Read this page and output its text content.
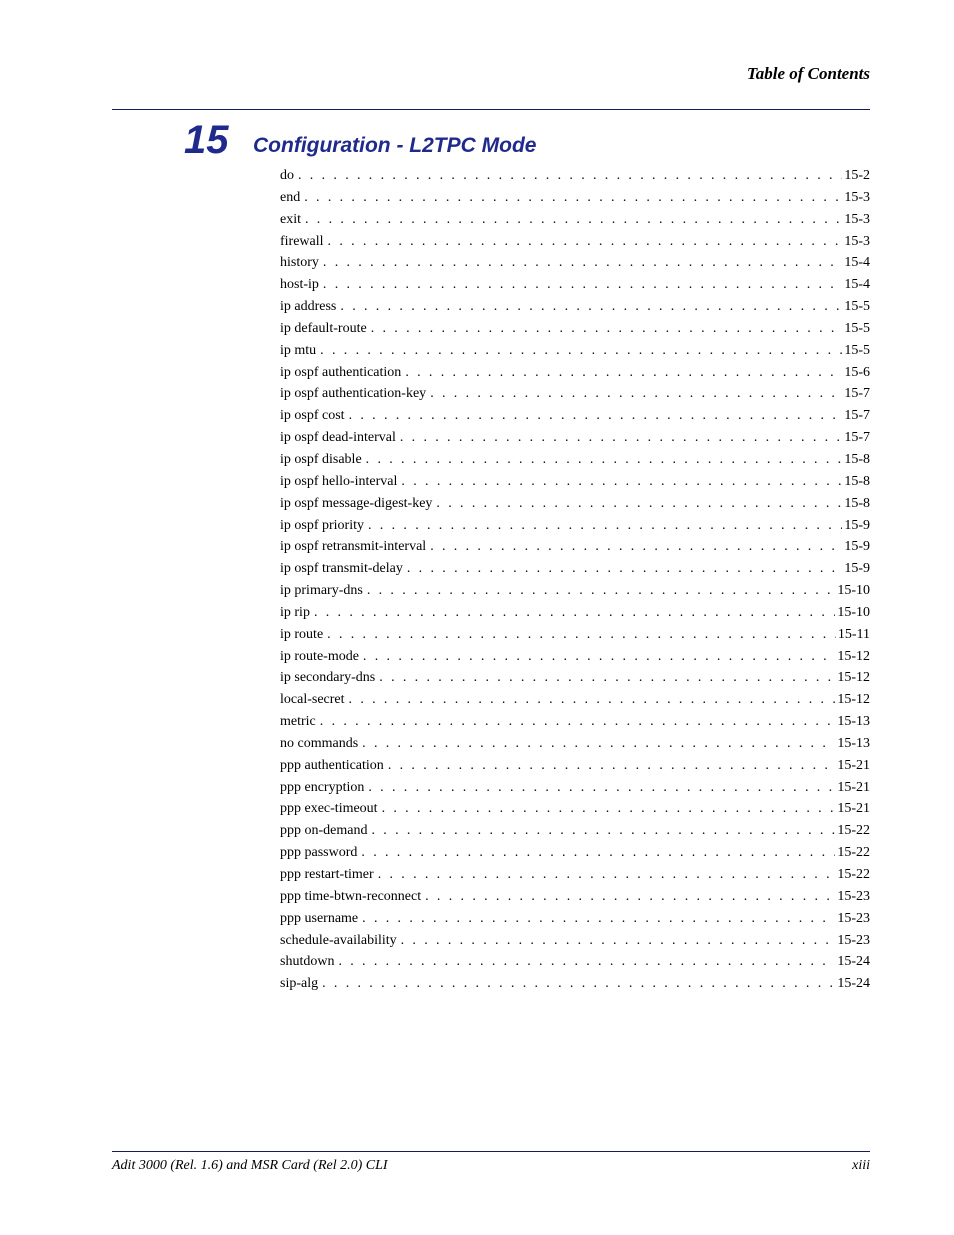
Table of Contents
15 Configuration - L2TPC Mode
do . . .	15-2
end . . .	15-3
exit . . .	15-3
firewall . . .	15-3
history . . .	15-4
host-ip . . .	15-4
ip address . . .	15-5
ip default-route . . .	15-5
ip mtu . . .	15-5
ip ospf authentication . . .	15-6
ip ospf authentication-key . . .	15-7
ip ospf cost . . .	15-7
ip ospf dead-interval . . .	15-7
ip ospf disable . . .	15-8
ip ospf hello-interval . . .	15-8
ip ospf message-digest-key . . .	15-8
ip ospf priority . . .	15-9
ip ospf retransmit-interval . . .	15-9
ip ospf transmit-delay . . .	15-9
ip primary-dns . . .	15-10
ip rip . . .	15-10
ip route . . .	15-11
ip route-mode . . .	15-12
ip secondary-dns . . .	15-12
local-secret . . .	15-12
metric . . .	15-13
no commands . . .	15-13
ppp authentication . . .	15-21
ppp encryption . . .	15-21
ppp exec-timeout . . .	15-21
ppp on-demand . . .	15-22
ppp password . . .	15-22
ppp restart-timer . . .	15-22
ppp time-btwn-reconnect . . .	15-23
ppp username . . .	15-23
schedule-availability . . .	15-23
shutdown . . .	15-24
sip-alg . . .	15-24
Adit 3000 (Rel. 1.6) and MSR Card (Rel 2.0) CLI	xiii
